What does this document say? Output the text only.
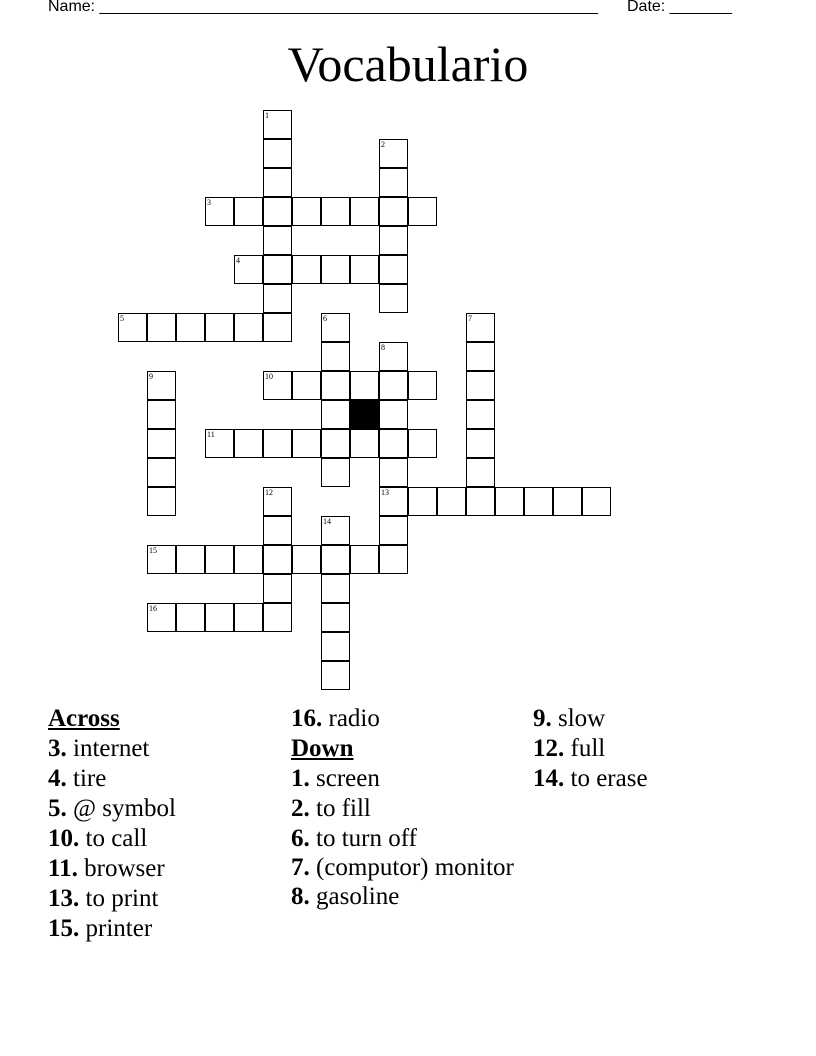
Name: ________________________________________________________ Date: _______
Vocabulario
1
2
3
4
5	6	7
8
13
9	10
11
12
14
15
16
Across
3. internet
4. tire
5. @ symbol
10. to call
11. browser
13. to print
15. printer
16. radio
Down
1. screen
2. to fill
6. to turn off
7. (computor) monitor
8. gasoline
9. slow
12. full
14. to erase
